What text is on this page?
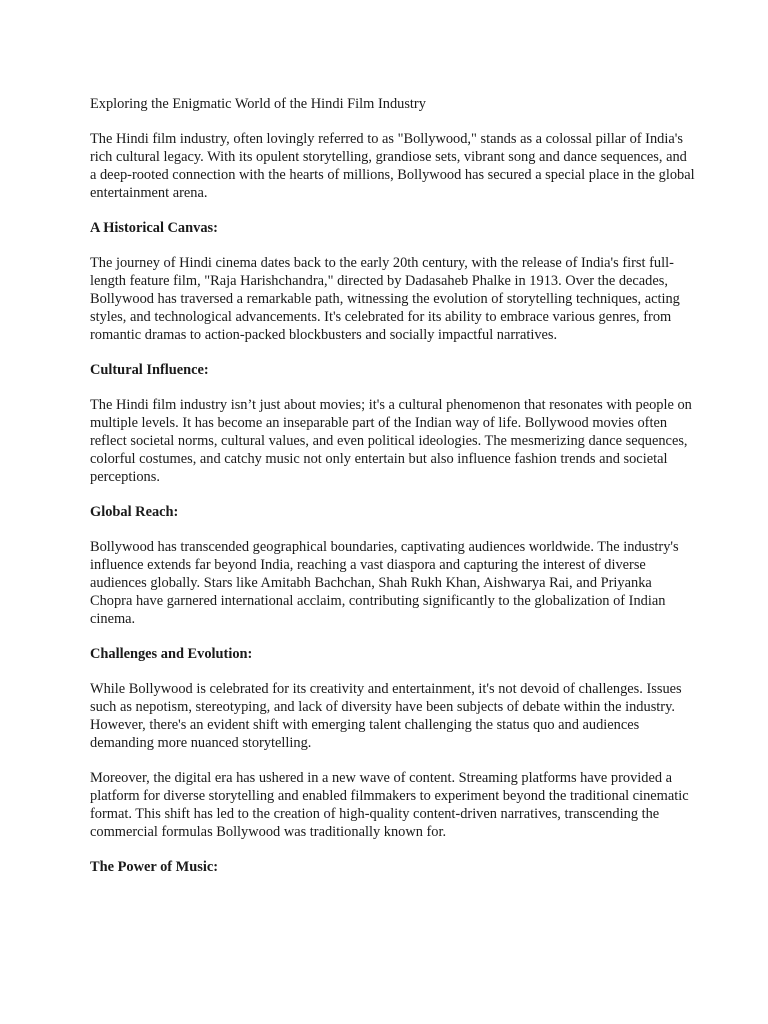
Exploring the Enigmatic World of the Hindi Film Industry

The Hindi film industry, often lovingly referred to as "Bollywood," stands as a colossal pillar of India's rich cultural legacy. With its opulent storytelling, grandiose sets, vibrant song and dance sequences, and a deep-rooted connection with the hearts of millions, Bollywood has secured a special place in the global entertainment arena.

A Historical Canvas:

The journey of Hindi cinema dates back to the early 20th century, with the release of India's first full-length feature film, "Raja Harishchandra," directed by Dadasaheb Phalke in 1913. Over the decades, Bollywood has traversed a remarkable path, witnessing the evolution of storytelling techniques, acting styles, and technological advancements. It's celebrated for its ability to embrace various genres, from romantic dramas to action-packed blockbusters and socially impactful narratives.

Cultural Influence:

The Hindi film industry isn’t just about movies; it's a cultural phenomenon that resonates with people on multiple levels. It has become an inseparable part of the Indian way of life. Bollywood movies often reflect societal norms, cultural values, and even political ideologies. The mesmerizing dance sequences, colorful costumes, and catchy music not only entertain but also influence fashion trends and societal perceptions.

Global Reach:

Bollywood has transcended geographical boundaries, captivating audiences worldwide. The industry's influence extends far beyond India, reaching a vast diaspora and capturing the interest of diverse audiences globally. Stars like Amitabh Bachchan, Shah Rukh Khan, Aishwarya Rai, and Priyanka Chopra have garnered international acclaim, contributing significantly to the globalization of Indian cinema.

Challenges and Evolution:

While Bollywood is celebrated for its creativity and entertainment, it's not devoid of challenges. Issues such as nepotism, stereotyping, and lack of diversity have been subjects of debate within the industry. However, there's an evident shift with emerging talent challenging the status quo and audiences demanding more nuanced storytelling.

Moreover, the digital era has ushered in a new wave of content. Streaming platforms have provided a platform for diverse storytelling and enabled filmmakers to experiment beyond the traditional cinematic format. This shift has led to the creation of high-quality content-driven narratives, transcending the commercial formulas Bollywood was traditionally known for.

The Power of Music:
